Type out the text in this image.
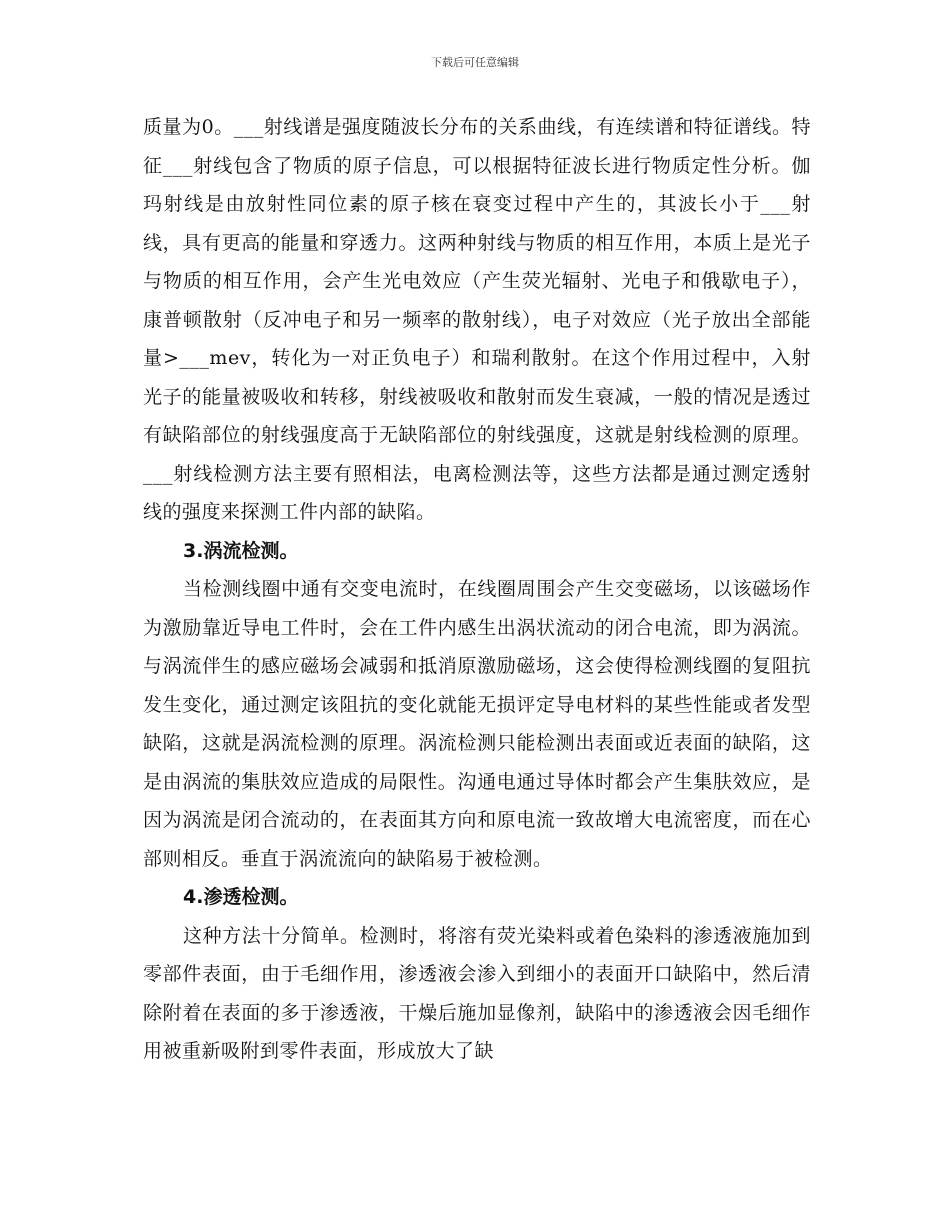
下载后可任意编辑

质量为0。___射线谱是强度随波长分布的关系曲线，有连续谱和特征谱线。特征___射线包含了物质的原子信息，可以根据特征波长进行物质定性分析。伽玛射线是由放射性同位素的原子核在衰变过程中产生的，其波长小于___射线，具有更高的能量和穿透力。这两种射线与物质的相互作用，本质上是光子与物质的相互作用，会产生光电效应（产生荧光辐射、光电子和俄歇电子），康普顿散射（反冲电子和另一频率的散射线），电子对效应（光子放出全部能量>___mev，转化为一对正负电子）和瑞利散射。在这个作用过程中，入射光子的能量被吸收和转移，射线被吸收和散射而发生衰减，一般的情况是透过有缺陷部位的射线强度高于无缺陷部位的射线强度，这就是射线检测的原理。___射线检测方法主要有照相法，电离检测法等，这些方法都是通过测定透射线的强度来探测工件内部的缺陷。

3.涡流检测。

当检测线圈中通有交变电流时，在线圈周围会产生交变磁场，以该磁场作为激励靠近导电工件时，会在工件内感生出涡状流动的闭合电流，即为涡流。与涡流伴生的感应磁场会减弱和抵消原激励磁场，这会使得检测线圈的复阻抗发生变化，通过测定该阻抗的变化就能无损评定导电材料的某些性能或者发型缺陷，这就是涡流检测的原理。涡流检测只能检测出表面或近表面的缺陷，这是由涡流的集肤效应造成的局限性。沟通电通过导体时都会产生集肤效应，是因为涡流是闭合流动的，在表面其方向和原电流一致故增大电流密度，而在心部则相反。垂直于涡流流向的缺陷易于被检测。

4.渗透检测。

这种方法十分简单。检测时，将溶有荧光染料或着色染料的渗透液施加到零部件表面，由于毛细作用，渗透液会渗入到细小的表面开口缺陷中，然后清除附着在表面的多于渗透液，干燥后施加显像剂，缺陷中的渗透液会因毛细作用被重新吸附到零件表面，形成放大了缺
